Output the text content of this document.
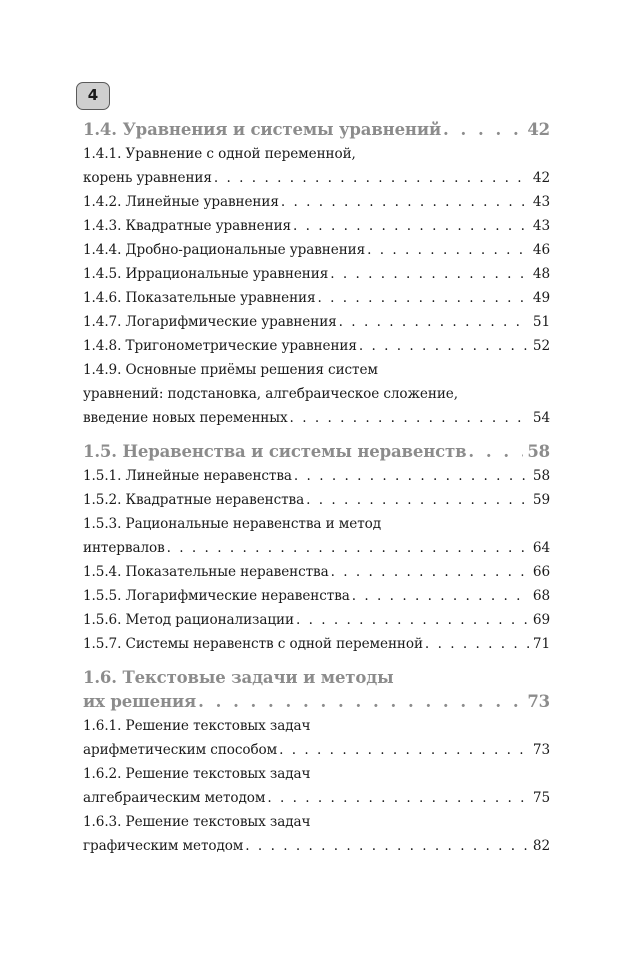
4
1.4. Уравнения и системы уравнений . . .	42
1.4.1. Уравнение с одной переменной,
корень уравнения . . .	42
1.4.2. Линейные уравнения . . .	43
1.4.3. Квадратные уравнения . . .	43
1.4.4. Дробно-рациональные уравнения . . .	46
1.4.5. Иррациональные уравнения . . .	48
1.4.6. Показательные уравнения . . .	49
1.4.7. Логарифмические уравнения . . .	51
1.4.8. Тригонометрические уравнения . . .	52
1.4.9. Основные приёмы решения систем
уравнений: подстановка, алгебраическое сложение,
введение новых переменных . . .	54
1.5. Неравенства и системы неравенств . . .	58
1.5.1. Линейные неравенства . . .	58
1.5.2. Квадратные неравенства . . .	59
1.5.3. Рациональные неравенства и метод
интервалов . . .	64
1.5.4. Показательные неравенства . . .	66
1.5.5. Логарифмические неравенства . . .	68
1.5.6. Метод рационализации . . .	69
1.5.7. Системы неравенств с одной переменной . . .	71
1.6. Текстовые задачи и методы
их решения . . .	73
1.6.1. Решение текстовых задач
арифметическим способом . . .	73
1.6.2. Решение текстовых задач
алгебраическим методом . . .	75
1.6.3. Решение текстовых задач
графическим методом . . .	82
